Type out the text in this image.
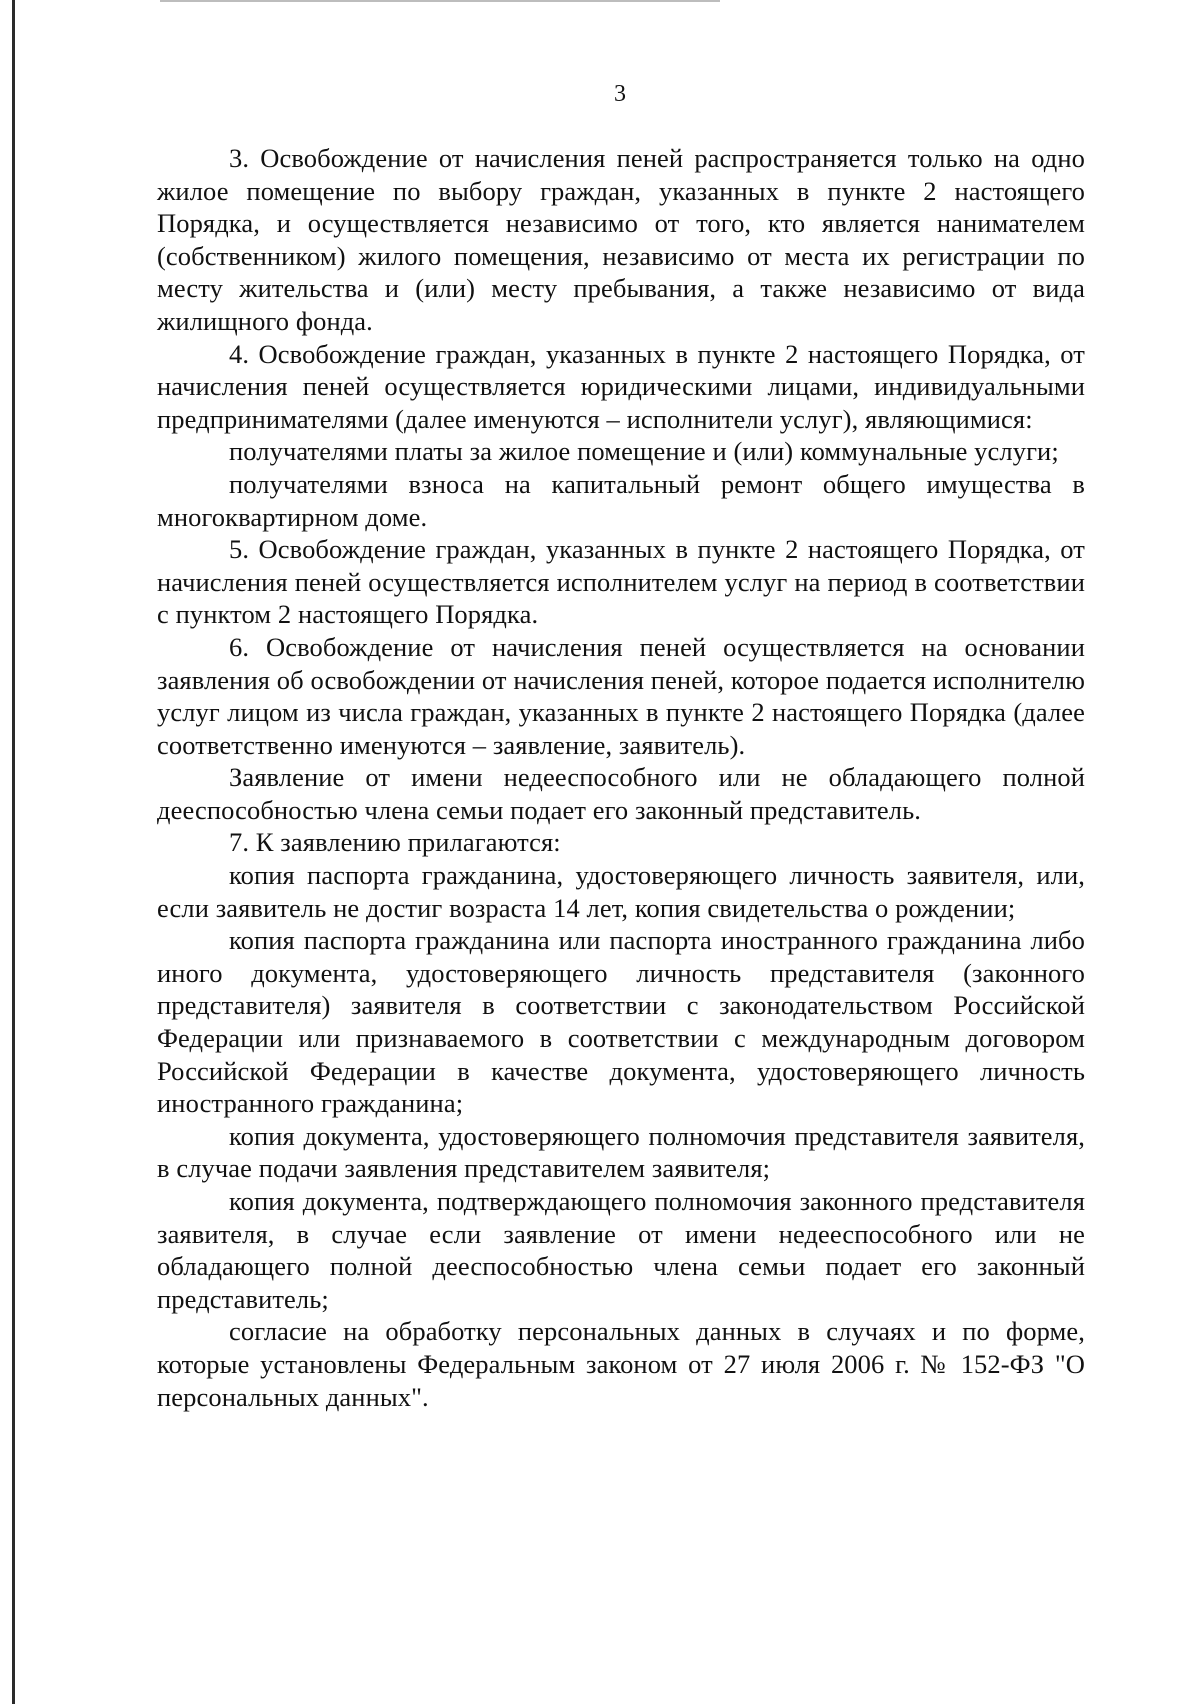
3

3. Освобождение от начисления пеней распространяется только на одно жилое помещение по выбору граждан, указанных в пункте 2 настоящего Порядка, и осуществляется независимо от того, кто является нанимателем (собственником) жилого помещения, независимо от места их регистрации по месту жительства и (или) месту пребывания, а также независимо от вида жилищного фонда.

4. Освобождение граждан, указанных в пункте 2 настоящего Порядка, от начисления пеней осуществляется юридическими лицами, индивидуальными предпринимателями (далее именуются – исполнители услуг), являющимися:

получателями платы за жилое помещение и (или) коммунальные услуги;

получателями взноса на капитальный ремонт общего имущества в многоквартирном доме.

5. Освобождение граждан, указанных в пункте 2 настоящего Порядка, от начисления пеней осуществляется исполнителем услуг на период в соответствии с пунктом 2 настоящего Порядка.

6. Освобождение от начисления пеней осуществляется на основании заявления об освобождении от начисления пеней, которое подается исполнителю услуг лицом из числа граждан, указанных в пункте 2 настоящего Порядка (далее соответственно именуются – заявление, заявитель).

Заявление от имени недееспособного или не обладающего полной дееспособностью члена семьи подает его законный представитель.

7. К заявлению прилагаются:

копия паспорта гражданина, удостоверяющего личность заявителя, или, если заявитель не достиг возраста 14 лет, копия свидетельства о рождении;

копия паспорта гражданина или паспорта иностранного гражданина либо иного документа, удостоверяющего личность представителя (законного представителя) заявителя в соответствии с законодательством Российской Федерации или признаваемого в соответствии с международным договором Российской Федерации в качестве документа, удостоверяющего личность иностранного гражданина;

копия документа, удостоверяющего полномочия представителя заявителя, в случае подачи заявления представителем заявителя;

копия документа, подтверждающего полномочия законного представителя заявителя, в случае если заявление от имени недееспособного или не обладающего полной дееспособностью члена семьи подает его законный представитель;

согласие на обработку персональных данных в случаях и по форме, которые установлены Федеральным законом от 27 июля 2006 г. № 152-ФЗ "О персональных данных".
